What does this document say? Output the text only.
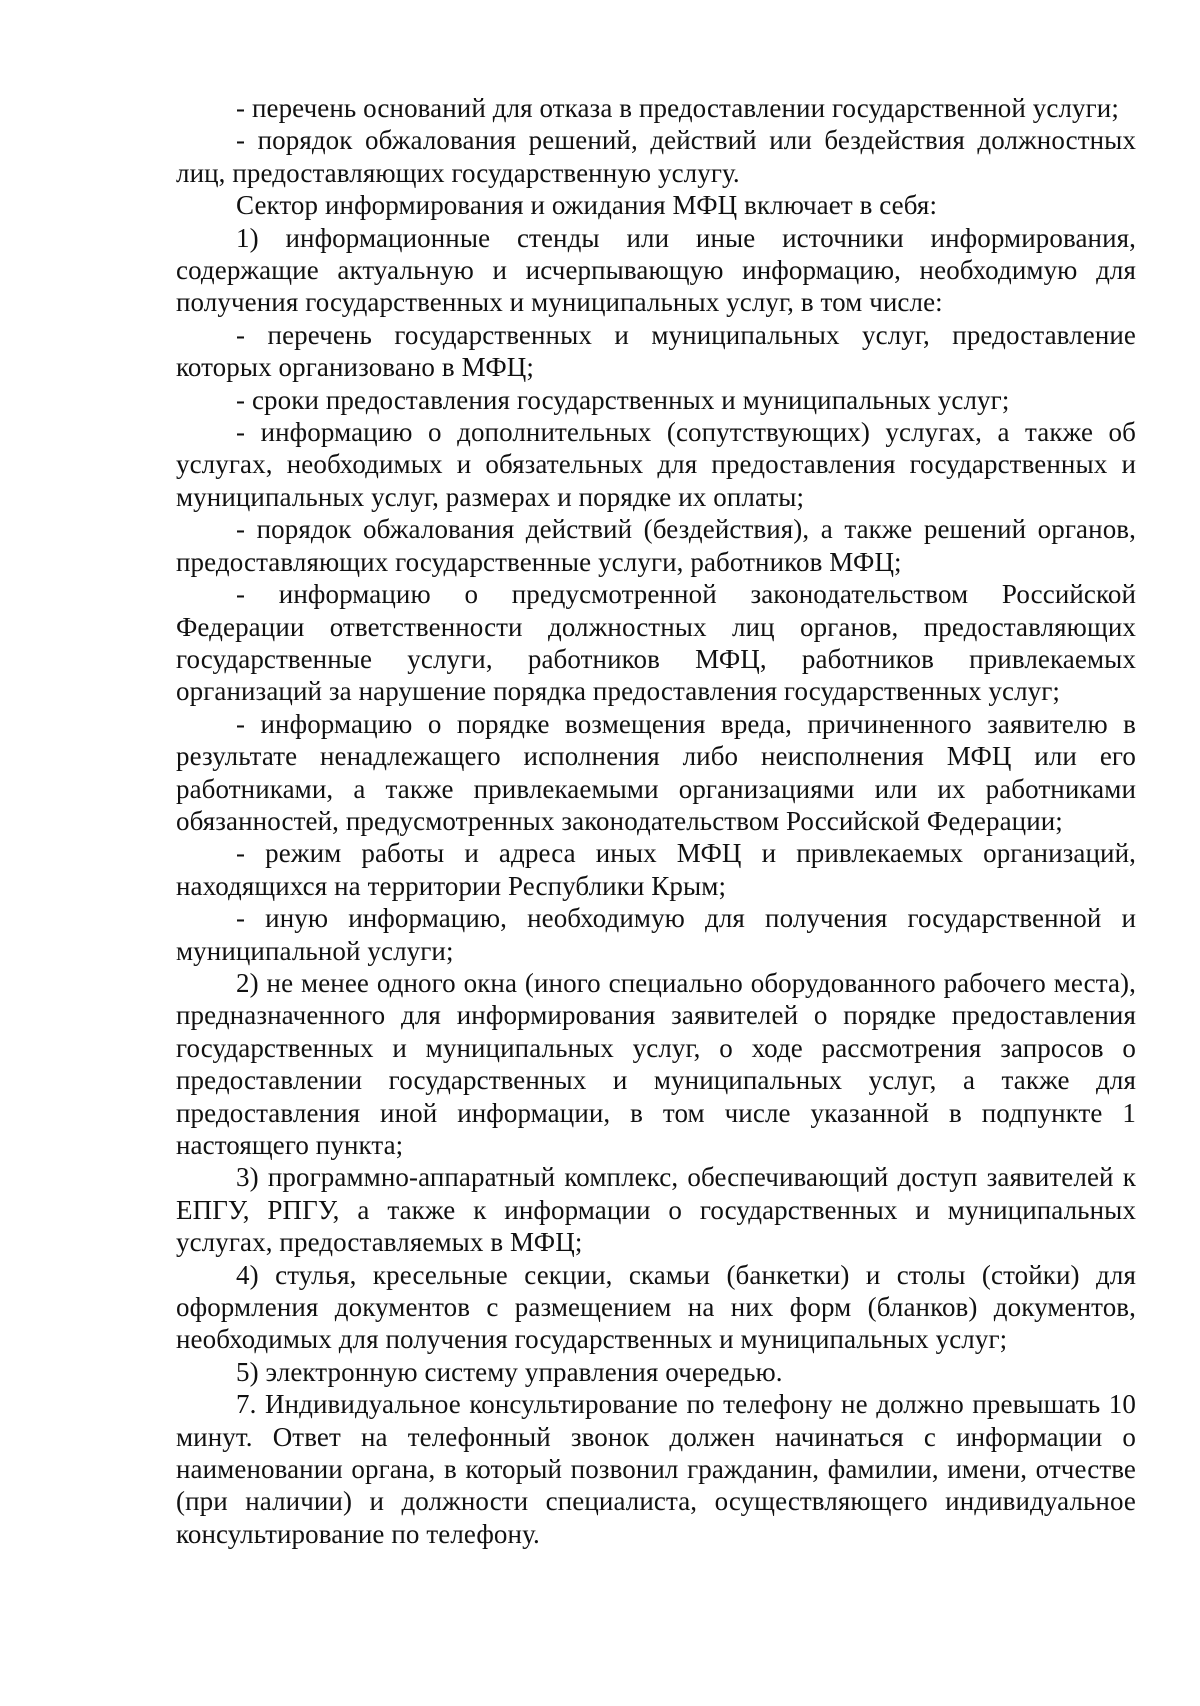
- перечень оснований для отказа в предоставлении государственной услуги;

- порядок обжалования решений, действий или бездействия должностных лиц, предоставляющих государственную услугу.

Сектор информирования и ожидания МФЦ включает в себя:

1) информационные стенды или иные источники информирования, содержащие актуальную и исчерпывающую информацию, необходимую для получения государственных и муниципальных услуг, в том числе:

- перечень государственных и муниципальных услуг, предоставление которых организовано в МФЦ;

- сроки предоставления государственных и муниципальных услуг;

- информацию о дополнительных (сопутствующих) услугах, а также об услугах, необходимых и обязательных для предоставления государственных и муниципальных услуг, размерах и порядке их оплаты;

- порядок обжалования действий (бездействия), а также решений органов, предоставляющих государственные услуги, работников МФЦ;

- информацию о предусмотренной законодательством Российской Федерации ответственности должностных лиц органов, предоставляющих государственные услуги, работников МФЦ, работников привлекаемых организаций за нарушение порядка предоставления государственных услуг;

- информацию о порядке возмещения вреда, причиненного заявителю в результате ненадлежащего исполнения либо неисполнения МФЦ или его работниками, а также привлекаемыми организациями или их работниками обязанностей, предусмотренных законодательством Российской Федерации;

- режим работы и адреса иных МФЦ и привлекаемых организаций, находящихся на территории Республики Крым;

- иную информацию, необходимую для получения государственной и муниципальной услуги;

2) не менее одного окна (иного специально оборудованного рабочего места), предназначенного для информирования заявителей о порядке предоставления государственных и муниципальных услуг, о ходе рассмотрения запросов о предоставлении государственных и муниципальных услуг, а также для предоставления иной информации, в том числе указанной в подпункте 1 настоящего пункта;

3) программно-аппаратный комплекс, обеспечивающий доступ заявителей к ЕПГУ, РПГУ, а также к информации о государственных и муниципальных услугах, предоставляемых в МФЦ;

4) стулья, кресельные секции, скамьи (банкетки) и столы (стойки) для оформления документов с размещением на них форм (бланков) документов, необходимых для получения государственных и муниципальных услуг;

5) электронную систему управления очередью.

7. Индивидуальное консультирование по телефону не должно превышать 10 минут. Ответ на телефонный звонок должен начинаться с информации о наименовании органа, в который позвонил гражданин, фамилии, имени, отчестве (при наличии) и должности специалиста, осуществляющего индивидуальное консультирование по телефону.
